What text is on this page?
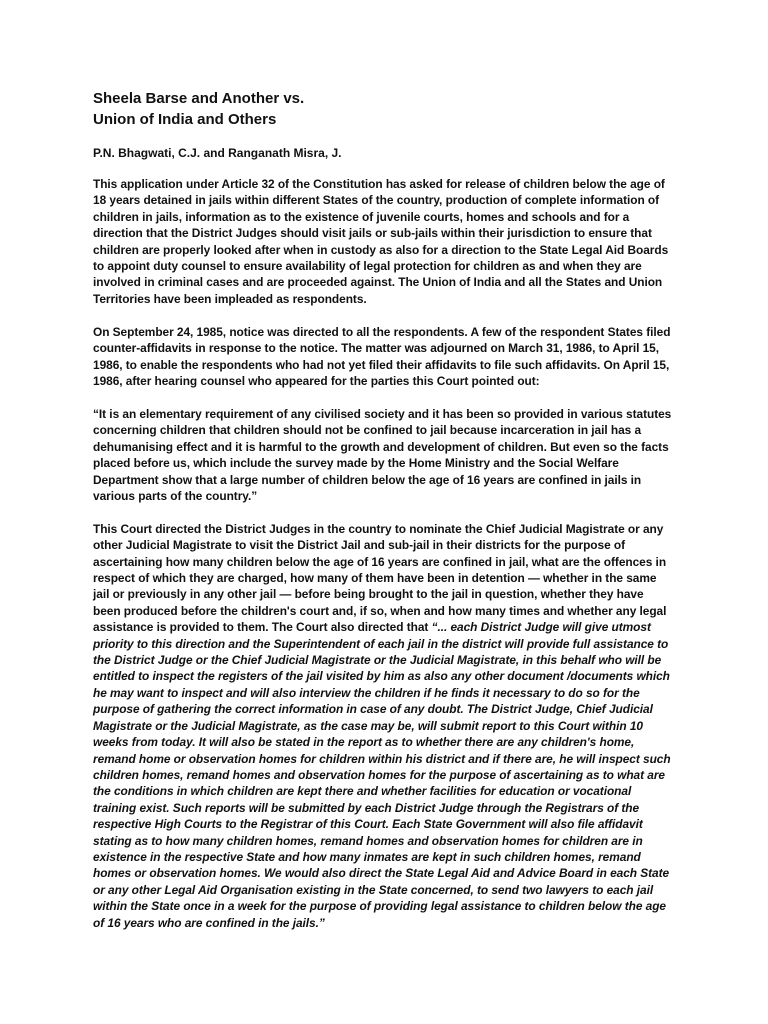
Sheela Barse and Another vs.
Union of India and Others

P.N. Bhagwati, C.J. and Ranganath Misra, J.

This application under Article 32 of the Constitution has asked for release of children below the age of 18 years detained in jails within different States of the country, production of complete information of children in jails, information as to the existence of juvenile courts, homes and schools and for a direction that the District Judges should visit jails or sub-jails within their jurisdiction to ensure that children are properly looked after when in custody as also for a direction to the State Legal Aid Boards to appoint duty counsel to ensure availability of legal protection for children as and when they are involved in criminal cases and are proceeded against. The Union of India and all the States and Union Territories have been impleaded as respondents.

On September 24, 1985, notice was directed to all the respondents. A few of the respondent States filed counter-affidavits in response to the notice. The matter was adjourned on March 31, 1986, to April 15, 1986, to enable the respondents who had not yet filed their affidavits to file such affidavits. On April 15, 1986, after hearing counsel who appeared for the parties this Court pointed out:

“It is an elementary requirement of any civilised society and it has been so provided in various statutes concerning children that children should not be confined to jail because incarceration in jail has a dehumanising effect and it is harmful to the growth and development of children. But even so the facts placed before us, which include the survey made by the Home Ministry and the Social Welfare Department show that a large number of children below the age of 16 years are confined in jails in various parts of the country.”

This Court directed the District Judges in the country to nominate the Chief Judicial Magistrate or any other Judicial Magistrate to visit the District Jail and sub-jail in their districts for the purpose of ascertaining how many children below the age of 16 years are confined in jail, what are the offences in respect of which they are charged, how many of them have been in detention — whether in the same jail or previously in any other jail — before being brought to the jail in question, whether they have been produced before the children's court and, if so, when and how many times and whether any legal assistance is provided to them. The Court also directed that “... each District Judge will give utmost priority to this direction and the Superintendent of each jail in the district will provide full assistance to the District Judge or the Chief Judicial Magistrate or the Judicial Magistrate, in this behalf who will be entitled to inspect the registers of the jail visited by him as also any other document /documents which he may want to inspect and will also interview the children if he finds it necessary to do so for the purpose of gathering the correct information in case of any doubt. The District Judge, Chief Judicial Magistrate or the Judicial Magistrate, as the case may be, will submit report to this Court within 10 weeks from today. It will also be stated in the report as to whether there are any children's home, remand home or observation homes for children within his district and if there are, he will inspect such children homes, remand homes and observation homes for the purpose of ascertaining as to what are the conditions in which children are kept there and whether facilities for education or vocational training exist. Such reports will be submitted by each District Judge through the Registrars of the respective High Courts to the Registrar of this Court. Each State Government will also file affidavit stating as to how many children homes, remand homes and observation homes for children are in existence in the respective State and how many inmates are kept in such children homes, remand homes or observation homes. We would also direct the State Legal Aid and Advice Board in each State or any other Legal Aid Organisation existing in the State concerned, to send two lawyers to each jail within the State once in a week for the purpose of providing legal assistance to children below the age of 16 years who are confined in the jails.”
